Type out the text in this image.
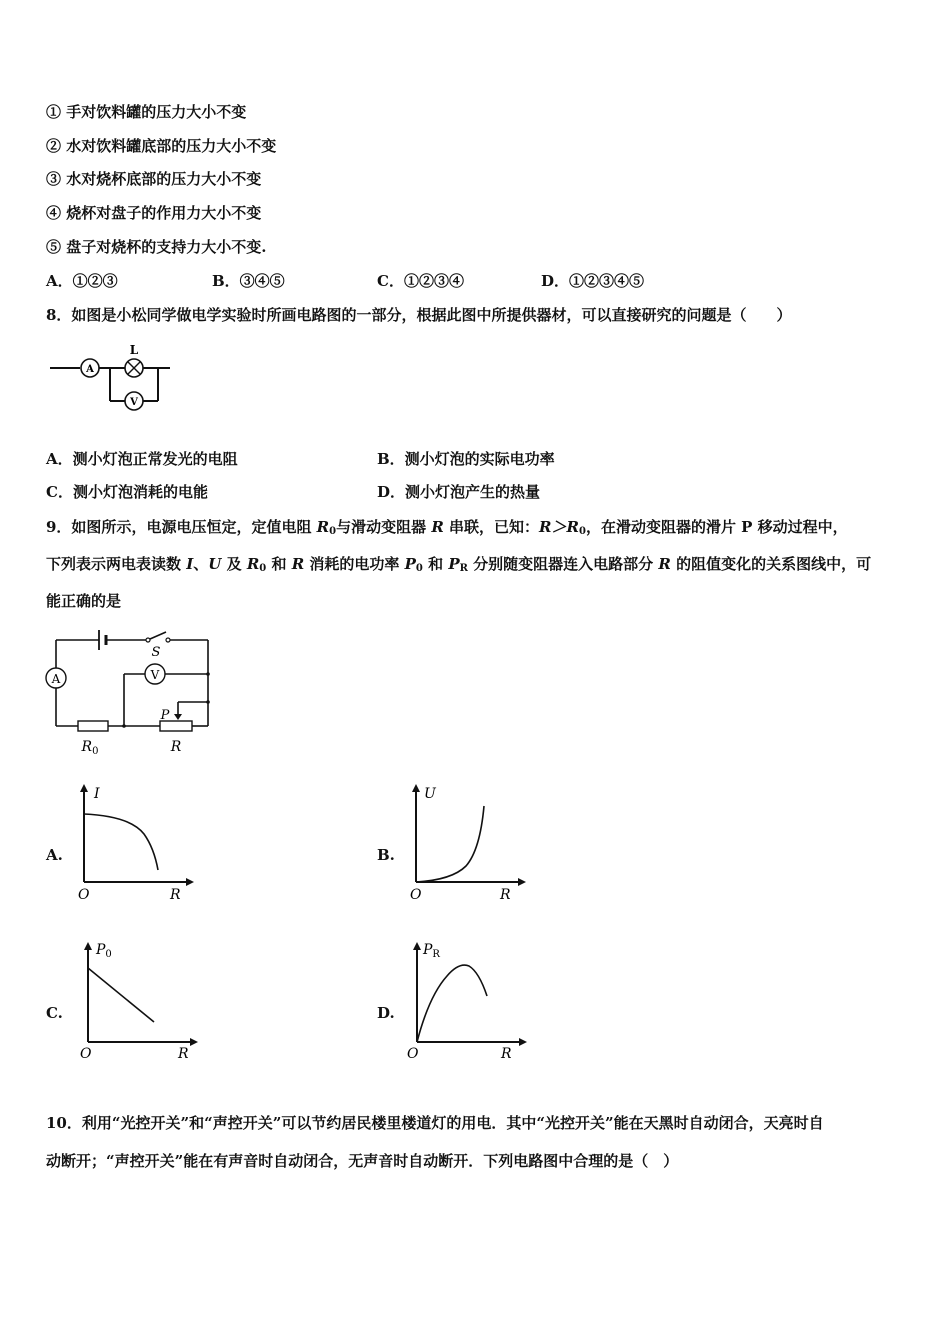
① 手对饮料罐的压力大小不变
② 水对饮料罐底部的压力大小不变
③ 水对烧杯底部的压力大小不变
④ 烧杯对盘子的作用力大小不变
⑤ 盘子对烧杯的支持力大小不变.
A．①②③	B．③④⑤	C．①②③④	D．①②③④⑤
8．如图是小松同学做电学实验时所画电路图的一部分，根据此图中所提供器材，可以直接研究的问题是（　　）
A
L
V
A．测小灯泡正常发光的电阻	B．测小灯泡的实际电功率
C．测小灯泡消耗的电能	D．测小灯泡产生的热量
9．如图所示，电源电压恒定，定值电阻 $R_0$与滑动变阻器 R 串联，已知：$R>R_0$，在滑动变阻器的滑片 P 移动过程中，
下列表示两电表读数 I、U 及 $R_0$ 和 R 消耗的电功率 $P_0$ 和 $P_R$ 分别随变阻器连入电路部分 R 的阻值变化的关系图线中，可
能正确的是
S
A	V
P
$R_0$	R
A.
I
O	R
B.
U
O	R
C.
$P_0$
O	R
D.
$P_R$
O	R
10．利用“光控开关”和“声控开关”可以节约居民楼里楼道灯的用电．其中“光控开关”能在天黑时自动闭合，天亮时自
动断开；“声控开关”能在有声音时自动闭合，无声音时自动断开．下列电路图中合理的是（　）
